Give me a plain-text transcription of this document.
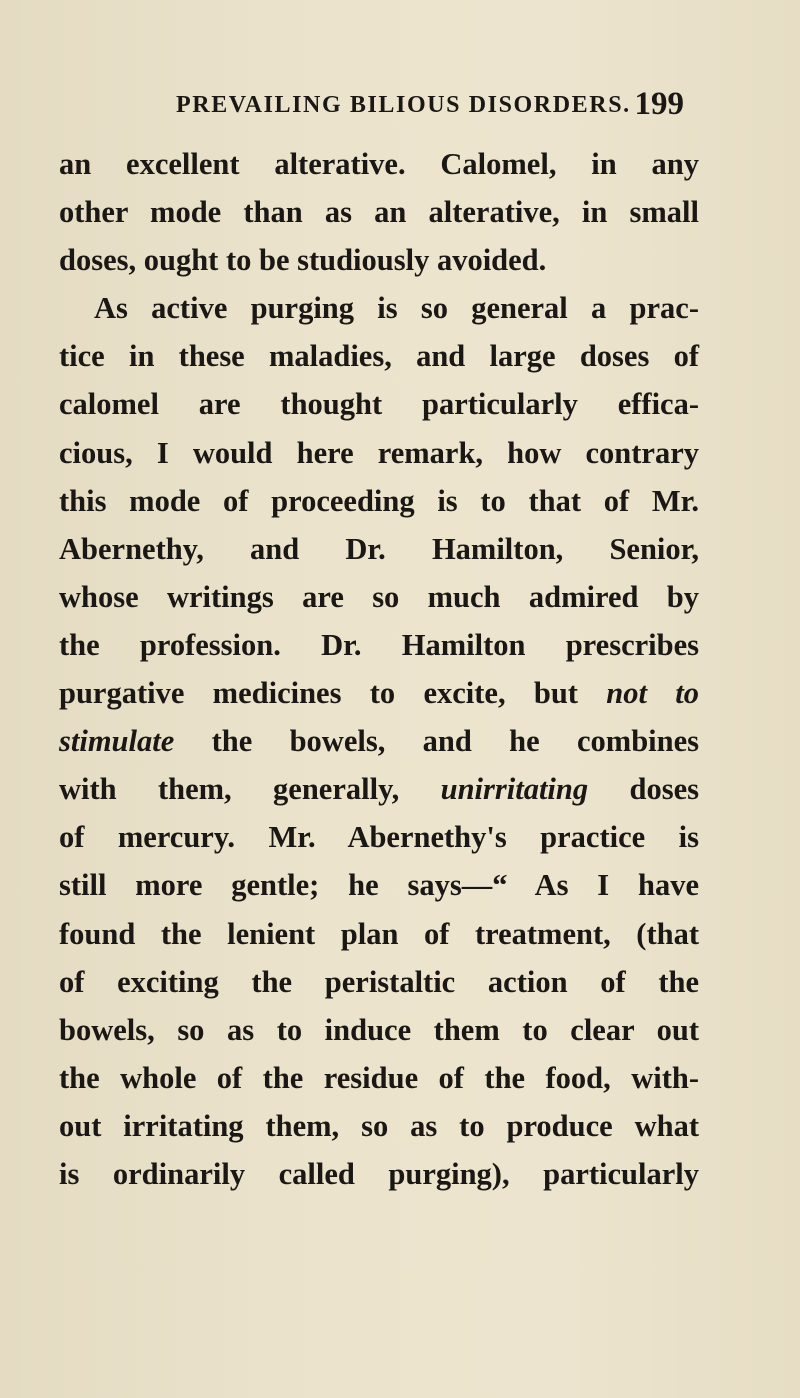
PREVAILING BILIOUS DISORDERS. 199
an excellent alterative. Calomel, in any
other mode than as an alterative, in small
doses, ought to be studiously avoided.
As active purging is so general a prac-
tice in these maladies, and large doses of
calomel are thought particularly effica-
cious, I would here remark, how contrary
this mode of proceeding is to that of Mr.
Abernethy, and Dr. Hamilton, Senior,
whose writings are so much admired by
the profession. Dr. Hamilton prescribes
purgative medicines to excite, but not to
stimulate the bowels, and he combines
with them, generally, unirritating doses
of mercury. Mr. Abernethy's practice is
still more gentle; he says—“ As I have
found the lenient plan of treatment, (that
of exciting the peristaltic action of the
bowels, so as to induce them to clear out
the whole of the residue of the food, with-
out irritating them, so as to produce what
is ordinarily called purging), particularly
